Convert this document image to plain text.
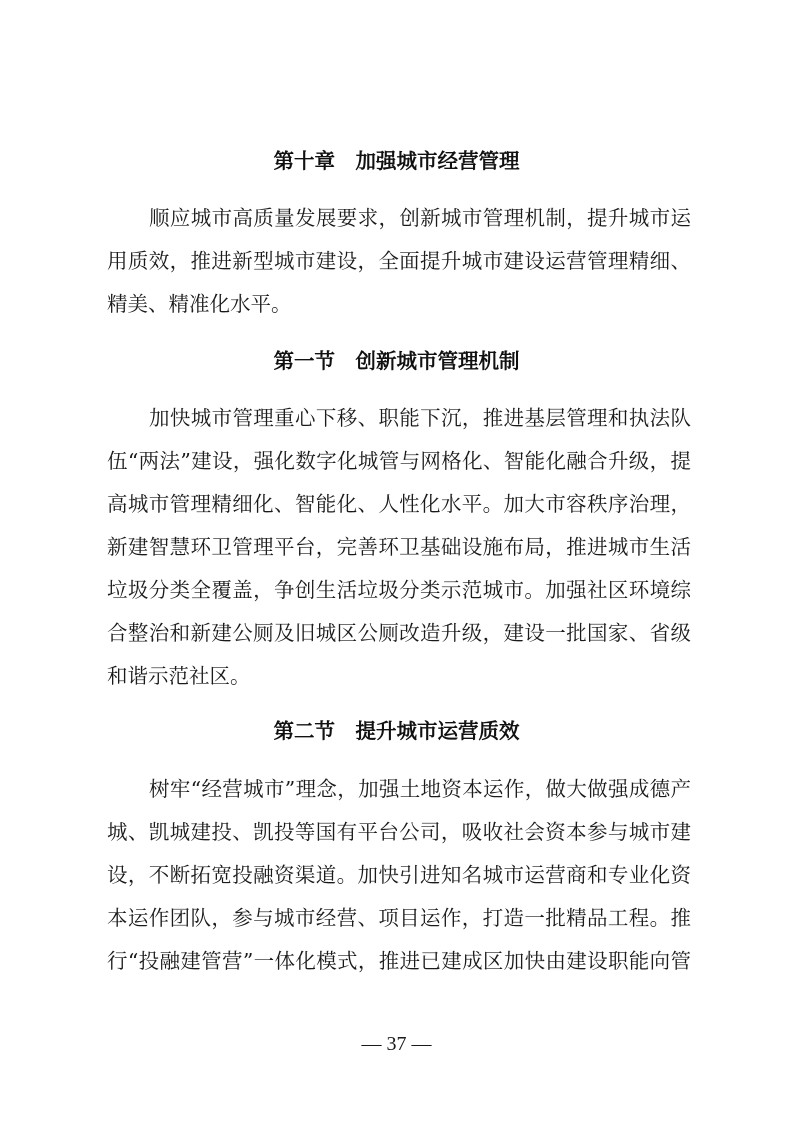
第十章　加强城市经营管理
顺应城市高质量发展要求，创新城市管理机制，提升城市运
用质效，推进新型城市建设，全面提升城市建设运营管理精细、
精美、精准化水平。
第一节　创新城市管理机制
加快城市管理重心下移、职能下沉，推进基层管理和执法队
伍“两法”建设，强化数字化城管与网格化、智能化融合升级，提
高城市管理精细化、智能化、人性化水平。加大市容秩序治理，
新建智慧环卫管理平台，完善环卫基础设施布局，推进城市生活
垃圾分类全覆盖，争创生活垃圾分类示范城市。加强社区环境综
合整治和新建公厕及旧城区公厕改造升级，建设一批国家、省级
和谐示范社区。
第二节　提升城市运营质效
树牢“经营城市”理念，加强土地资本运作，做大做强成德产
城、凯城建投、凯投等国有平台公司，吸收社会资本参与城市建
设，不断拓宽投融资渠道。加快引进知名城市运营商和专业化资
本运作团队，参与城市经营、项目运作，打造一批精品工程。推
行“投融建管营”一体化模式，推进已建成区加快由建设职能向管
— 37 —
